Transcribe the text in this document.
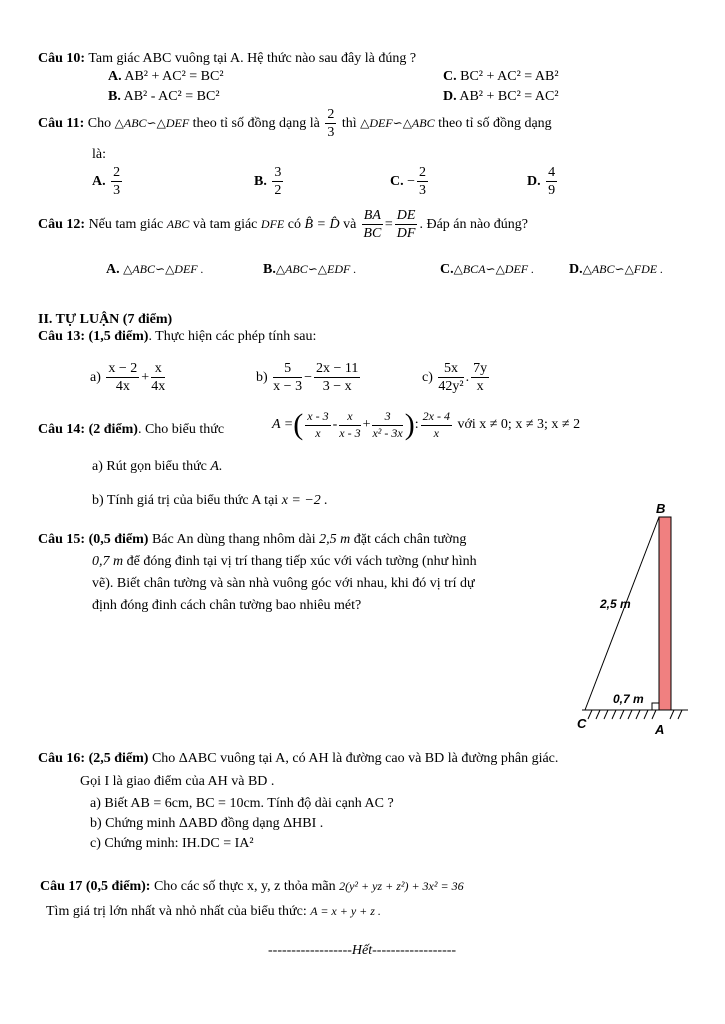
Câu 10: Tam giác ABC vuông tại A. Hệ thức nào sau đây là đúng ?
A. AB² + AC² = BC²
B. AB² - AC² = BC²
C. BC² + AC² = AB²
D. AB² + BC² = AC²
Câu 11: Cho △ABC∽△DEF theo tỉ số đồng dạng là $\frac{2}{3}$ thì △DEF∽△ABC theo tỉ số đồng dạng
là:
A. $\frac{2}{3}$	B. $\frac{3}{2}$	C. − $\frac{2}{3}$	D. $\frac{4}{9}$
Câu 12: Nếu tam giác ABC và tam giác DFE có B̂ = D̂ và $\frac{BA}{BC} = \frac{DE}{DF}$ . Đáp án nào đúng?
A. △ABC∽△DEF .	B.△ABC∽△EDF .	C.△BCA∽△DEF . D.△ABC∽△FDE .
II. TỰ LUẬN (7 điểm)
Câu 13: (1,5 điểm). Thực hiện các phép tính sau:
$a) \frac{x - 2}{4x} + \frac{x}{4x}$	$b) \frac{5}{x - 3} - \frac{2x - 11}{3 - x}$	$c) \frac{5x}{\text{42y²}}$ . $\frac{7y}{x}$
Câu 14: (2 điểm). Cho biểu thức	A =( $\frac{x - 3}{x} - \frac{x}{x - 3} + \frac{3}{\text{x² - 3x}}$ ): $\frac{2x - 4}{x}$ với x ≠ 0; x ≠ 3; x ≠ 2
a) Rút gọn biểu thức A.
b) Tính giá trị của biểu thức A tại x = −2 .
Câu 15: (0,5 điểm) Bác An dùng thang nhôm dài 2,5 m đặt cách chân tường
0,7 m để đóng đinh tại vị trí thang tiếp xúc với vách tường (như hình
vẽ). Biết chân tường và sàn nhà vuông góc với nhau, khi đó vị trí dự
định đóng đinh cách chân tường bao nhiêu mét?
B
2,5 m
0,7 m
C	A
Câu 16: (2,5 điểm) Cho ΔABC vuông tại A, có AH là đường cao và BD là đường phân giác.
Gọi I là giao điểm của AH và BD .
a) Biết AB = 6cm, BC = 10cm. Tính độ dài cạnh AC ?
b) Chứng minh ΔABD đồng dạng ΔHBI .
c) Chứng minh: IH.DC = IA²
Câu 17 (0,5 điểm): Cho các số thực x, y, z thỏa mãn 2(y² + yz + z²) + 3x² = 36
Tìm giá trị lớn nhất và nhỏ nhất của biểu thức: A = x + y + z .
------------------Hết------------------
